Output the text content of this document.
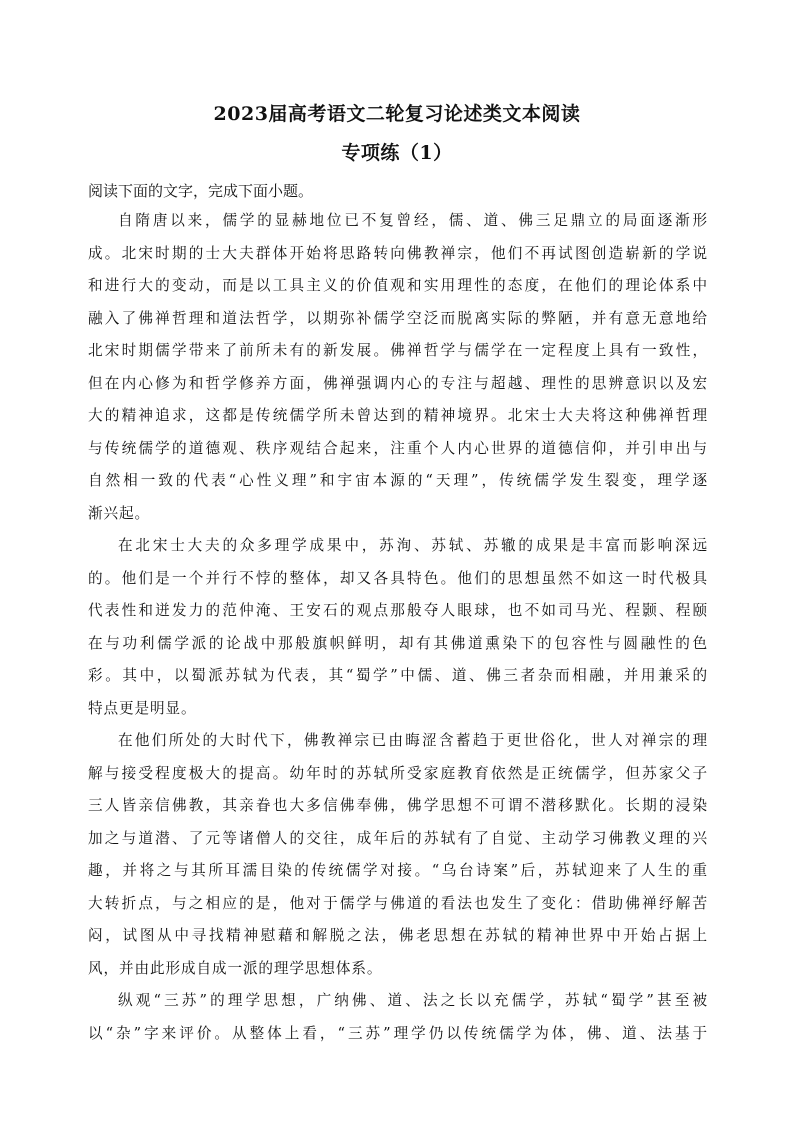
2023届高考语文二轮复习论述类文本阅读
专项练（1）
阅读下面的文字，完成下面小题。
自隋唐以来，儒学的显赫地位已不复曾经，儒、道、佛三足鼎立的局面逐渐形
成。北宋时期的士大夫群体开始将思路转向佛教禅宗，他们不再试图创造崭新的学说
和进行大的变动，而是以工具主义的价值观和实用理性的态度，在他们的理论体系中
融入了佛禅哲理和道法哲学，以期弥补儒学空泛而脱离实际的弊陋，并有意无意地给
北宋时期儒学带来了前所未有的新发展。佛禅哲学与儒学在一定程度上具有一致性，
但在内心修为和哲学修养方面，佛禅强调内心的专注与超越、理性的思辨意识以及宏
大的精神追求，这都是传统儒学所未曾达到的精神境界。北宋士大夫将这种佛禅哲理
与传统儒学的道德观、秩序观结合起来，注重个人内心世界的道德信仰，并引申出与
自然相一致的代表“心性义理”和宇宙本源的“天理”，传统儒学发生裂变，理学逐
渐兴起。
在北宋士大夫的众多理学成果中，苏洵、苏轼、苏辙的成果是丰富而影响深远
的。他们是一个并行不悖的整体，却又各具特色。他们的思想虽然不如这一时代极具
代表性和迸发力的范仲淹、王安石的观点那般夺人眼球，也不如司马光、程颢、程颐
在与功利儒学派的论战中那般旗帜鲜明，却有其佛道熏染下的包容性与圆融性的色
彩。其中，以蜀派苏轼为代表，其“蜀学”中儒、道、佛三者杂而相融，并用兼采的
特点更是明显。
在他们所处的大时代下，佛教禅宗已由晦涩含蓄趋于更世俗化，世人对禅宗的理
解与接受程度极大的提高。幼年时的苏轼所受家庭教育依然是正统儒学，但苏家父子
三人皆亲信佛教，其亲眷也大多信佛奉佛，佛学思想不可谓不潜移默化。长期的浸染
加之与道潜、了元等诸僧人的交往，成年后的苏轼有了自觉、主动学习佛教义理的兴
趣，并将之与其所耳濡目染的传统儒学对接。“乌台诗案”后，苏轼迎来了人生的重
大转折点，与之相应的是，他对于儒学与佛道的看法也发生了变化：借助佛禅纾解苦
闷，试图从中寻找精神慰藉和解脱之法，佛老思想在苏轼的精神世界中开始占据上
风，并由此形成自成一派的理学思想体系。
纵观“三苏”的理学思想，广纳佛、道、法之长以充儒学，苏轼“蜀学”甚至被
以“杂”字来评价。从整体上看，“三苏”理学仍以传统儒学为体，佛、道、法基于
